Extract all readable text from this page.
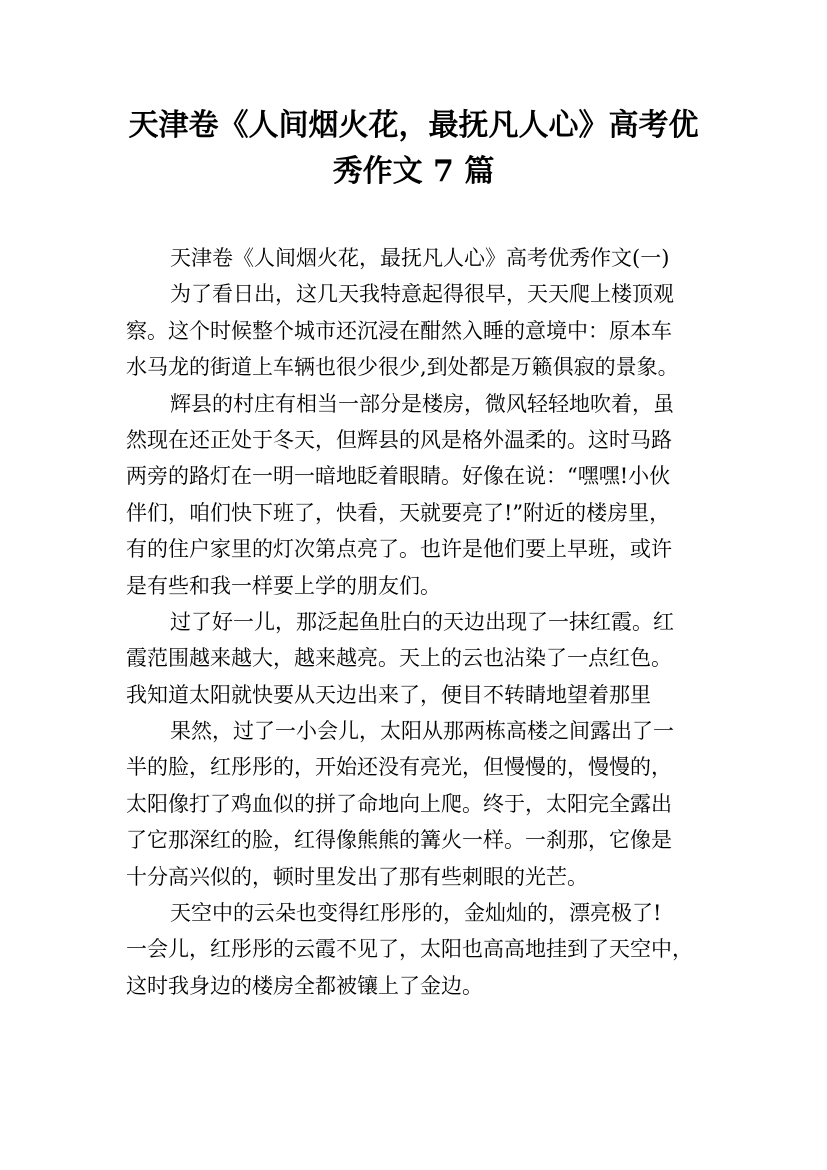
天津卷《人间烟火花，最抚凡人心》高考优
秀作文 7 篇
天津卷《人间烟火花，最抚凡人心》高考优秀作文(一)
为了看日出，这几天我特意起得很早，天天爬上楼顶观
察。这个时候整个城市还沉浸在酣然入睡的意境中：原本车
水马龙的街道上车辆也很少很少,到处都是万籁俱寂的景象。
辉县的村庄有相当一部分是楼房，微风轻轻地吹着，虽
然现在还正处于冬天，但辉县的风是格外温柔的。这时马路
两旁的路灯在一明一暗地眨着眼睛。好像在说：“嘿嘿!小伙
伴们，咱们快下班了，快看，天就要亮了!”附近的楼房里，
有的住户家里的灯次第点亮了。也许是他们要上早班，或许
是有些和我一样要上学的朋友们。
过了好一儿，那泛起鱼肚白的天边出现了一抹红霞。红
霞范围越来越大，越来越亮。天上的云也沾染了一点红色。
我知道太阳就快要从天边出来了，便目不转睛地望着那里
果然，过了一小会儿，太阳从那两栋高楼之间露出了一
半的脸，红彤彤的，开始还没有亮光，但慢慢的，慢慢的，
太阳像打了鸡血似的拼了命地向上爬。终于，太阳完全露出
了它那深红的脸，红得像熊熊的篝火一样。一刹那，它像是
十分高兴似的，顿时里发出了那有些刺眼的光芒。
天空中的云朵也变得红彤彤的，金灿灿的，漂亮极了!
一会儿，红彤彤的云霞不见了，太阳也高高地挂到了天空中，
这时我身边的楼房全都被镶上了金边。
